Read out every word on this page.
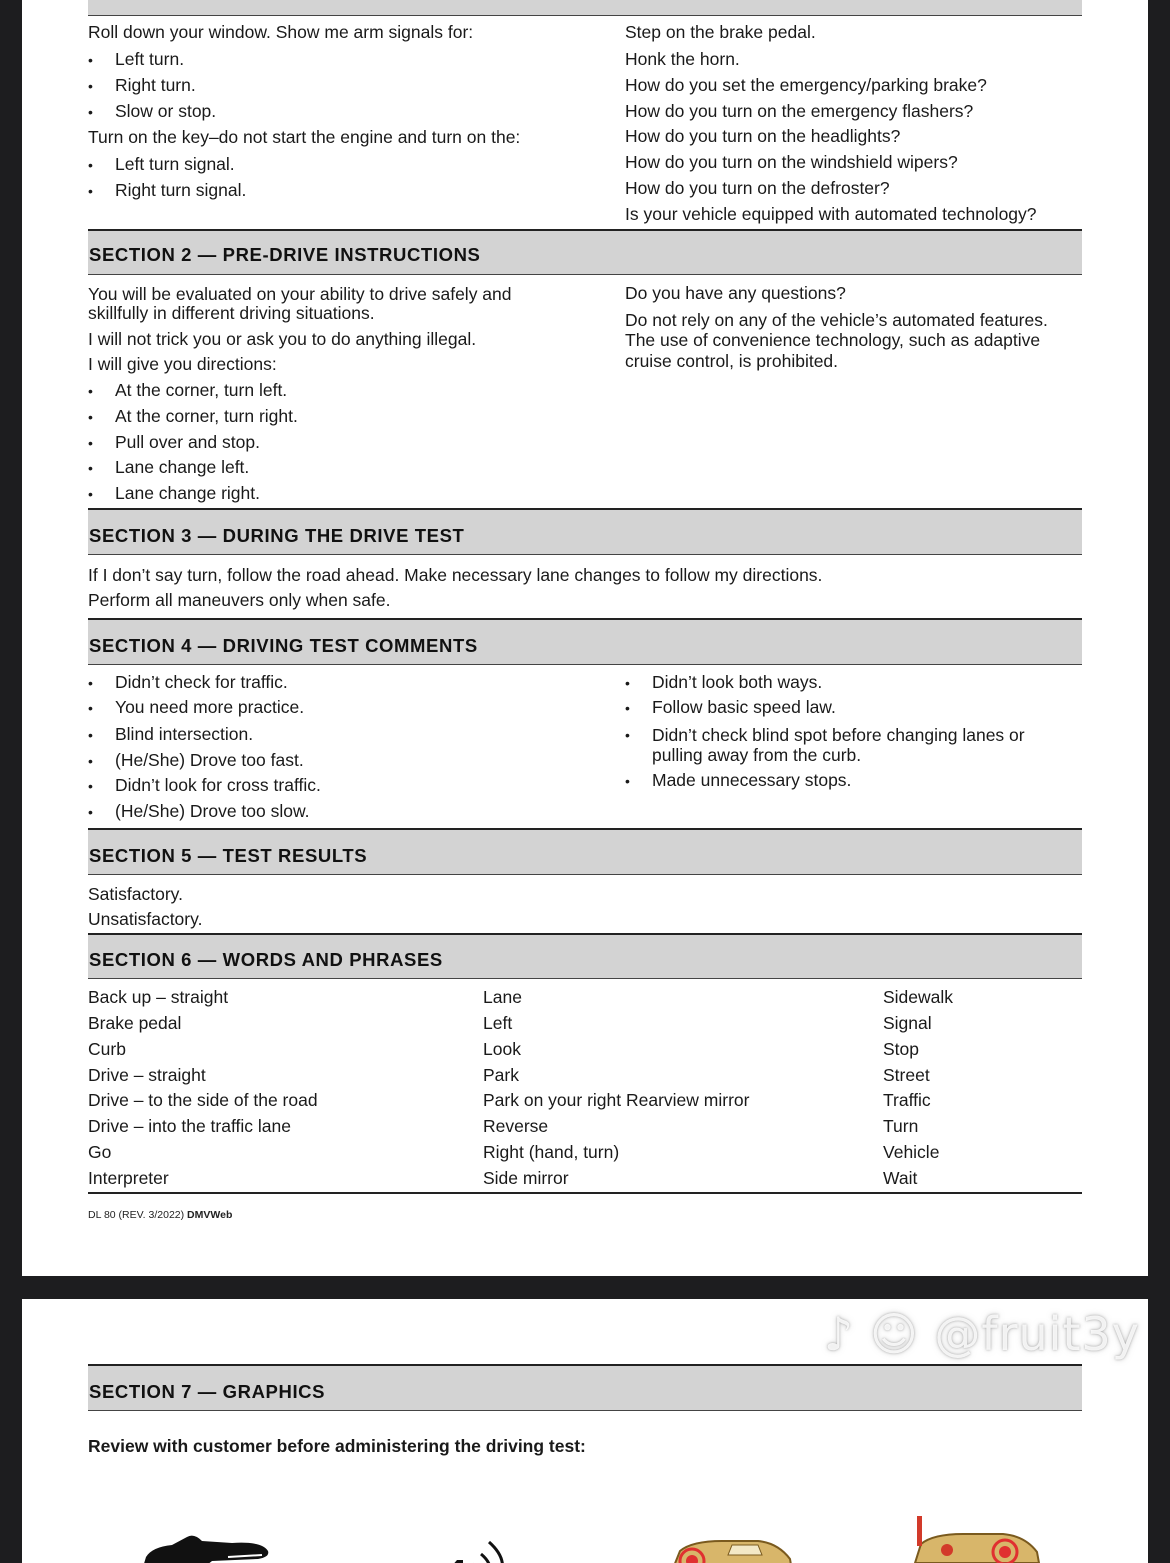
Roll down your window. Show me arm signals for:
• Left turn.
• Right turn.
• Slow or stop.
Turn on the key–do not start the engine and turn on the:
• Left turn signal.
• Right turn signal.
Step on the brake pedal.
Honk the horn.
How do you set the emergency/parking brake?
How do you turn on the emergency flashers?
How do you turn on the headlights?
How do you turn on the windshield wipers?
How do you turn on the defroster?
Is your vehicle equipped with automated technology?
SECTION 2 — PRE-DRIVE INSTRUCTIONS
You will be evaluated on your ability to drive safely and skillfully in different driving situations.
I will not trick you or ask you to do anything illegal.
I will give you directions:
• At the corner, turn left.
• At the corner, turn right.
• Pull over and stop.
• Lane change left.
• Lane change right.
Do you have any questions?
Do not rely on any of the vehicle’s automated features. The use of convenience technology, such as adaptive cruise control, is prohibited.
SECTION 3 — DURING THE DRIVE TEST
If I don’t say turn, follow the road ahead. Make necessary lane changes to follow my directions.
Perform all maneuvers only when safe.
SECTION 4 — DRIVING TEST COMMENTS
• Didn’t check for traffic.
• You need more practice.
• Blind intersection.
• (He/She) Drove too fast.
• Didn’t look for cross traffic.
• (He/She) Drove too slow.
• Didn’t look both ways.
• Follow basic speed law.
• Didn’t check blind spot before changing lanes or pulling away from the curb.
• Made unnecessary stops.
SECTION 5 — TEST RESULTS
Satisfactory.
Unsatisfactory.
SECTION 6 — WORDS AND PHRASES
Back up – straight
Brake pedal
Curb
Drive – straight
Drive – to the side of the road
Drive – into the traffic lane
Go
Interpreter
Lane
Left
Look
Park
Park on your right Rearview mirror
Reverse
Right (hand, turn)
Side mirror
Sidewalk
Signal
Stop
Street
Traffic
Turn
Vehicle
Wait
DL 80 (REV. 3/2022) DMVWeb
♪ ☺ @fruit3y
SECTION 7 — GRAPHICS
Review with customer before administering the driving test:
